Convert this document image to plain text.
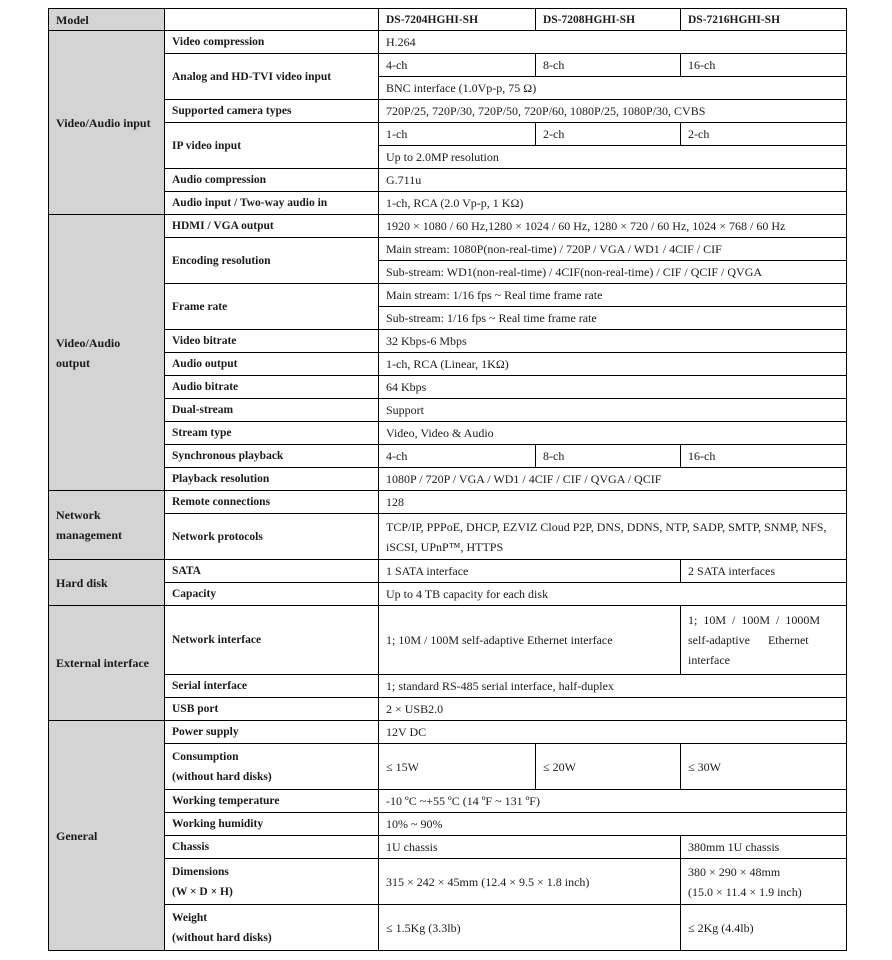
Model		DS-7204HGHI-SH	DS-7208HGHI-SH	DS-7216HGHI-SH
Video/Audio input	Video compression	H.264		
	Analog and HD-TVI video input	4-ch	8-ch	16-ch
		BNC interface (1.0Vp-p, 75 Ω)		
	Supported camera types	720P/25, 720P/30, 720P/50, 720P/60, 1080P/25, 1080P/30, CVBS		
	IP video input	1-ch	2-ch	2-ch
		Up to 2.0MP resolution		
	Audio compression	G.711u		
	Audio input / Two-way audio in	1-ch, RCA (2.0 Vp-p, 1 KΩ)		

Video/Audio
output	HDMI / VGA output	1920 × 1080 / 60 Hz,1280 × 1024 / 60 Hz, 1280 × 720 / 60 Hz, 1024 × 768 / 60 Hz		
	Encoding resolution	Main stream: 1080P(non-real-time) / 720P / VGA / WD1 / 4CIF / CIF		
		Sub-stream: WD1(non-real-time) / 4CIF(non-real-time) / CIF / QCIF / QVGA		
	Frame rate	Main stream: 1/16 fps ~ Real time frame rate		
		Sub-stream: 1/16 fps ~ Real time frame rate		
	Video bitrate	32 Kbps-6 Mbps		
	Audio output	1-ch, RCA (Linear, 1KΩ)		
	Audio bitrate	64 Kbps		
	Dual-stream	Support		
	Stream type	Video, Video & Audio		
	Synchronous playback	4-ch	8-ch	16-ch
	Playback resolution	1080P / 720P / VGA / WD1 / 4CIF / CIF / QVGA / QCIF		

Network
management	Remote connections	128		
	Network protocols	TCP/IP, PPPoE, DHCP, EZVIZ Cloud P2P, DNS, DDNS, NTP, SADP, SMTP, SNMP, NFS,
iSCSI, UPnP™, HTTPS		

Hard disk	SATA	1 SATA interface		2 SATA interfaces
	Capacity	Up to 4 TB capacity for each disk		
External interface	Network interface	1; 10M / 100M self-adaptive Ethernet interface		1;  10M  /  100M  /  1000M
self-adaptive      Ethernet
interface

	Serial interface	1; standard RS-485 serial interface, half-duplex		
	USB port	2 × USB2.0		
General	Power supply	12V DC		

	Consumption
(without hard disks)	≤ 15W	≤ 20W	≤ 30W
	Working temperature	-10 ºC ~+55 ºC (14 ºF ~ 131 ºF)		
	Working humidity	10% ~ 90%		
	Chassis	1U chassis		380mm 1U chassis

	Dimensions
(W × D × H)	315 × 242 × 45mm (12.4 × 9.5 × 1.8 inch)		380 × 290 × 48mm
(15.0 × 11.4 × 1.9 inch)

	Weight
(without hard disks)	≤ 1.5Kg (3.3lb)		≤ 2Kg (4.4lb)
